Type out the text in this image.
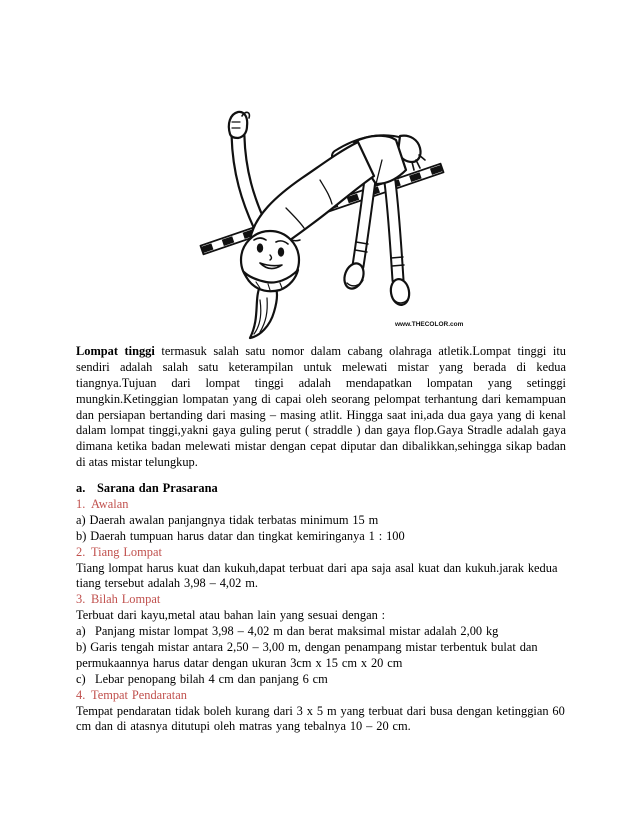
www.THECOLOR.com
Lompat tinggi termasuk salah satu nomor dalam cabang olahraga atletik.Lompat tinggi itu
sendiri adalah salah satu keterampilan untuk melewati mistar yang berada di kedua
tiangnya.Tujuan dari lompat tinggi adalah mendapatkan lompatan yang setinggi
mungkin.Ketinggian lompatan yang di capai oleh seorang pelompat terhantung dari kemampuan
dan persiapan bertanding dari masing – masing atlit. Hingga saat ini,ada dua gaya yang di kenal
dalam lompat tinggi,yakni gaya guling perut ( straddle ) dan gaya flop.Gaya Stradle adalah gaya
dimana ketika badan melewati mistar dengan cepat diputar dan dibalikkan,sehingga sikap badan
di atas mistar telungkup.
a. Sarana dan Prasarana
1. Awalan
a) Daerah awalan panjangnya tidak terbatas minimum 15 m
b) Daerah tumpuan harus datar dan tingkat kemiringanya 1 : 100
2. Tiang Lompat
Tiang lompat harus kuat dan kukuh,dapat terbuat dari apa saja asal kuat dan kukuh.jarak kedua
tiang tersebut adalah 3,98 – 4,02 m.
3. Bilah Lompat
Terbuat dari kayu,metal atau bahan lain yang sesuai dengan :
a) Panjang mistar lompat 3,98 – 4,02 m dan berat maksimal mistar adalah 2,00 kg
b) Garis tengah mistar antara 2,50 – 3,00 m, dengan penampang mistar terbentuk bulat dan
permukaannya harus datar dengan ukuran 3cm x 15 cm x 20 cm
c) Lebar penopang bilah 4 cm dan panjang 6 cm
4. Tempat Pendaratan
Tempat pendaratan tidak boleh kurang dari 3 x 5 m yang terbuat dari busa dengan ketinggian 60
cm dan di atasnya ditutupi oleh matras yang tebalnya 10 – 20 cm.
